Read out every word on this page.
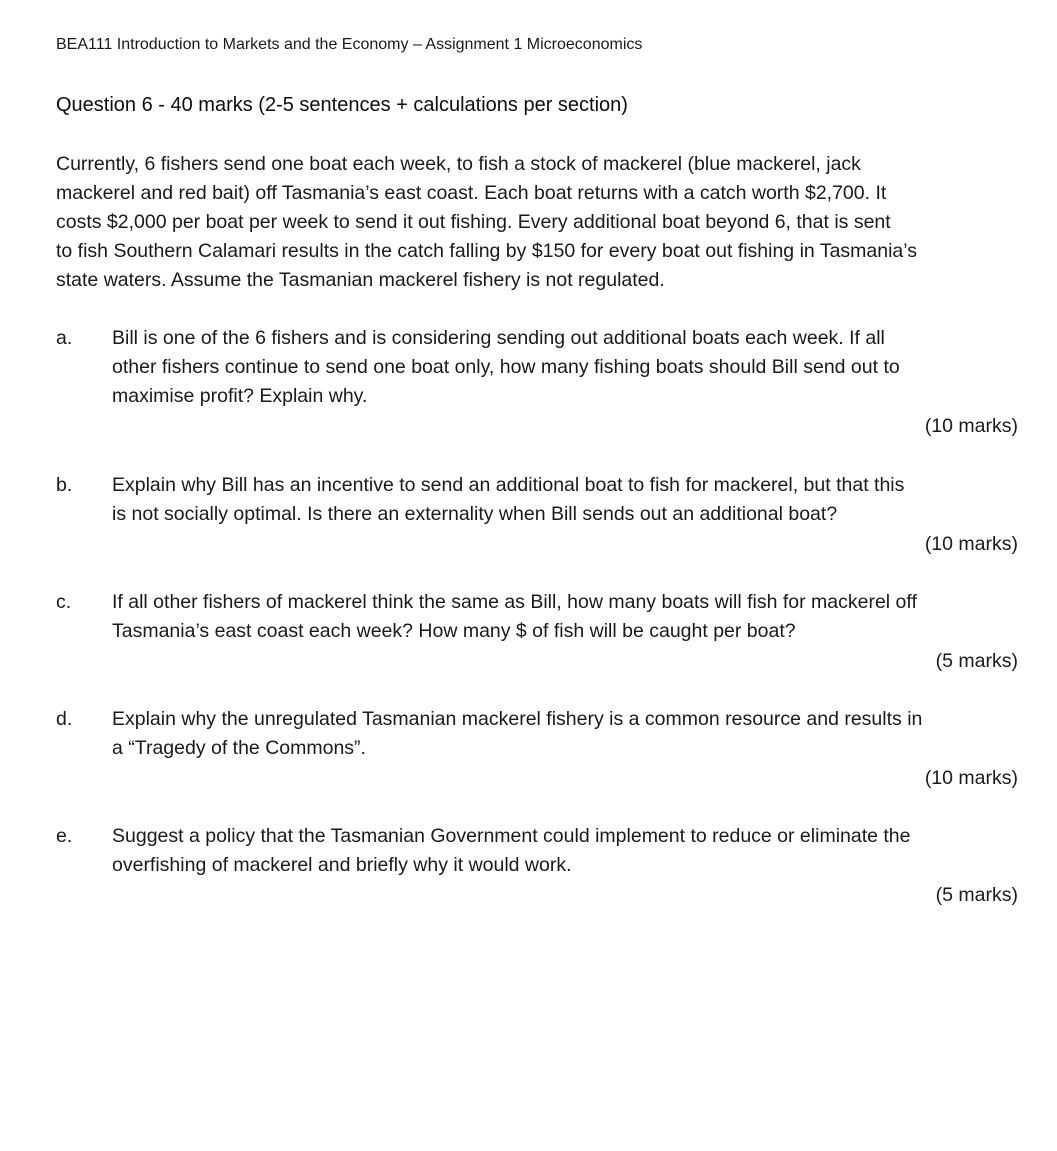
BEA111 Introduction to Markets and the Economy – Assignment 1 Microeconomics
Question 6 - 40 marks (2-5 sentences + calculations per section)
Currently, 6 fishers send one boat each week, to fish a stock of mackerel (blue mackerel, jack
mackerel and red bait) off Tasmania’s east coast. Each boat returns with a catch worth $2,700. It
costs $2,000 per boat per week to send it out fishing. Every additional boat beyond 6, that is sent
to fish Southern Calamari results in the catch falling by $150 for every boat out fishing in Tasmania’s
state waters. Assume the Tasmanian mackerel fishery is not regulated.
a. Bill is one of the 6 fishers and is considering sending out additional boats each week. If all
other fishers continue to send one boat only, how many fishing boats should Bill send out to
maximise profit? Explain why.
(10 marks)
b. Explain why Bill has an incentive to send an additional boat to fish for mackerel, but that this
is not socially optimal. Is there an externality when Bill sends out an additional boat?
(10 marks)
c. If all other fishers of mackerel think the same as Bill, how many boats will fish for mackerel off
Tasmania’s east coast each week? How many $ of fish will be caught per boat?
(5 marks)
d. Explain why the unregulated Tasmanian mackerel fishery is a common resource and results in
a “Tragedy of the Commons”.
(10 marks)
e. Suggest a policy that the Tasmanian Government could implement to reduce or eliminate the
overfishing of mackerel and briefly why it would work.
(5 marks)
